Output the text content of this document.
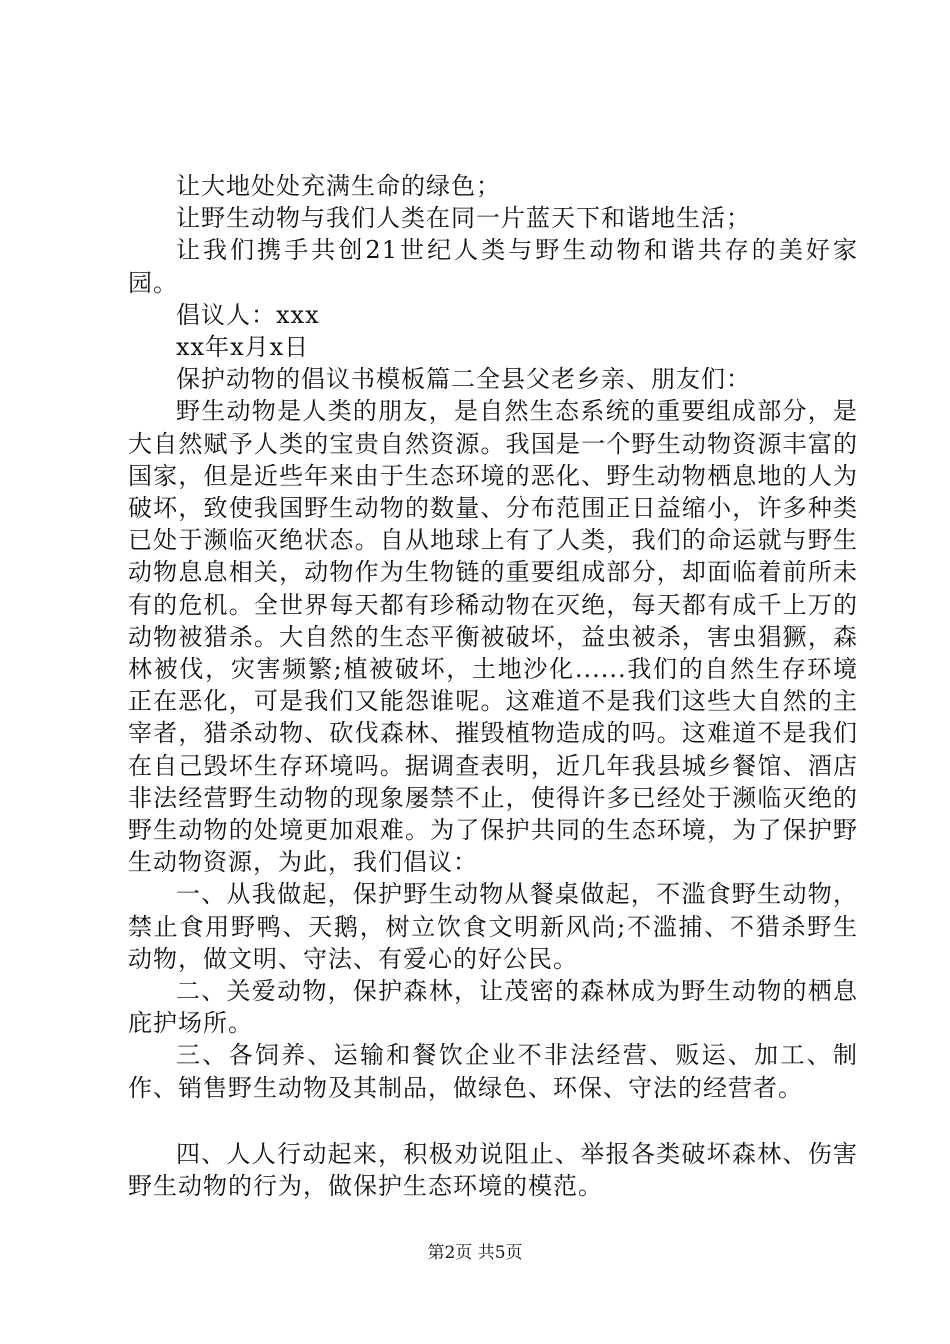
让大地处处充满生命的绿色；

让野生动物与我们人类在同一片蓝天下和谐地生活；

让我们携手共创21世纪人类与野生动物和谐共存的美好家园。

倡议人：xxx

xx年x月x日

保护动物的倡议书模板篇二全县父老乡亲、朋友们：

野生动物是人类的朋友，是自然生态系统的重要组成部分，是大自然赋予人类的宝贵自然资源。我国是一个野生动物资源丰富的国家，但是近些年来由于生态环境的恶化、野生动物栖息地的人为破坏，致使我国野生动物的数量、分布范围正日益缩小，许多种类已处于濒临灭绝状态。自从地球上有了人类，我们的命运就与野生动物息息相关，动物作为生物链的重要组成部分，却面临着前所未有的危机。全世界每天都有珍稀动物在灭绝，每天都有成千上万的动物被猎杀。大自然的生态平衡被破坏，益虫被杀，害虫猖獗，森林被伐，灾害频繁;植被破坏，土地沙化......我们的自然生存环境正在恶化，可是我们又能怨谁呢。这难道不是我们这些大自然的主宰者，猎杀动物、砍伐森林、摧毁植物造成的吗。这难道不是我们在自己毁坏生存环境吗。据调查表明，近几年我县城乡餐馆、酒店非法经营野生动物的现象屡禁不止，使得许多已经处于濒临灭绝的野生动物的处境更加艰难。为了保护共同的生态环境，为了保护野生动物资源，为此，我们倡议：

一、从我做起，保护野生动物从餐桌做起，不滥食野生动物，禁止食用野鸭、天鹅，树立饮食文明新风尚;不滥捕、不猎杀野生动物，做文明、守法、有爱心的好公民。

二、关爱动物，保护森林，让茂密的森林成为野生动物的栖息庇护场所。

三、各饲养、运输和餐饮企业不非法经营、贩运、加工、制作、销售野生动物及其制品，做绿色、环保、守法的经营者。

四、人人行动起来，积极劝说阻止、举报各类破坏森林、伤害野生动物的行为，做保护生态环境的模范。

第2页 共5页
